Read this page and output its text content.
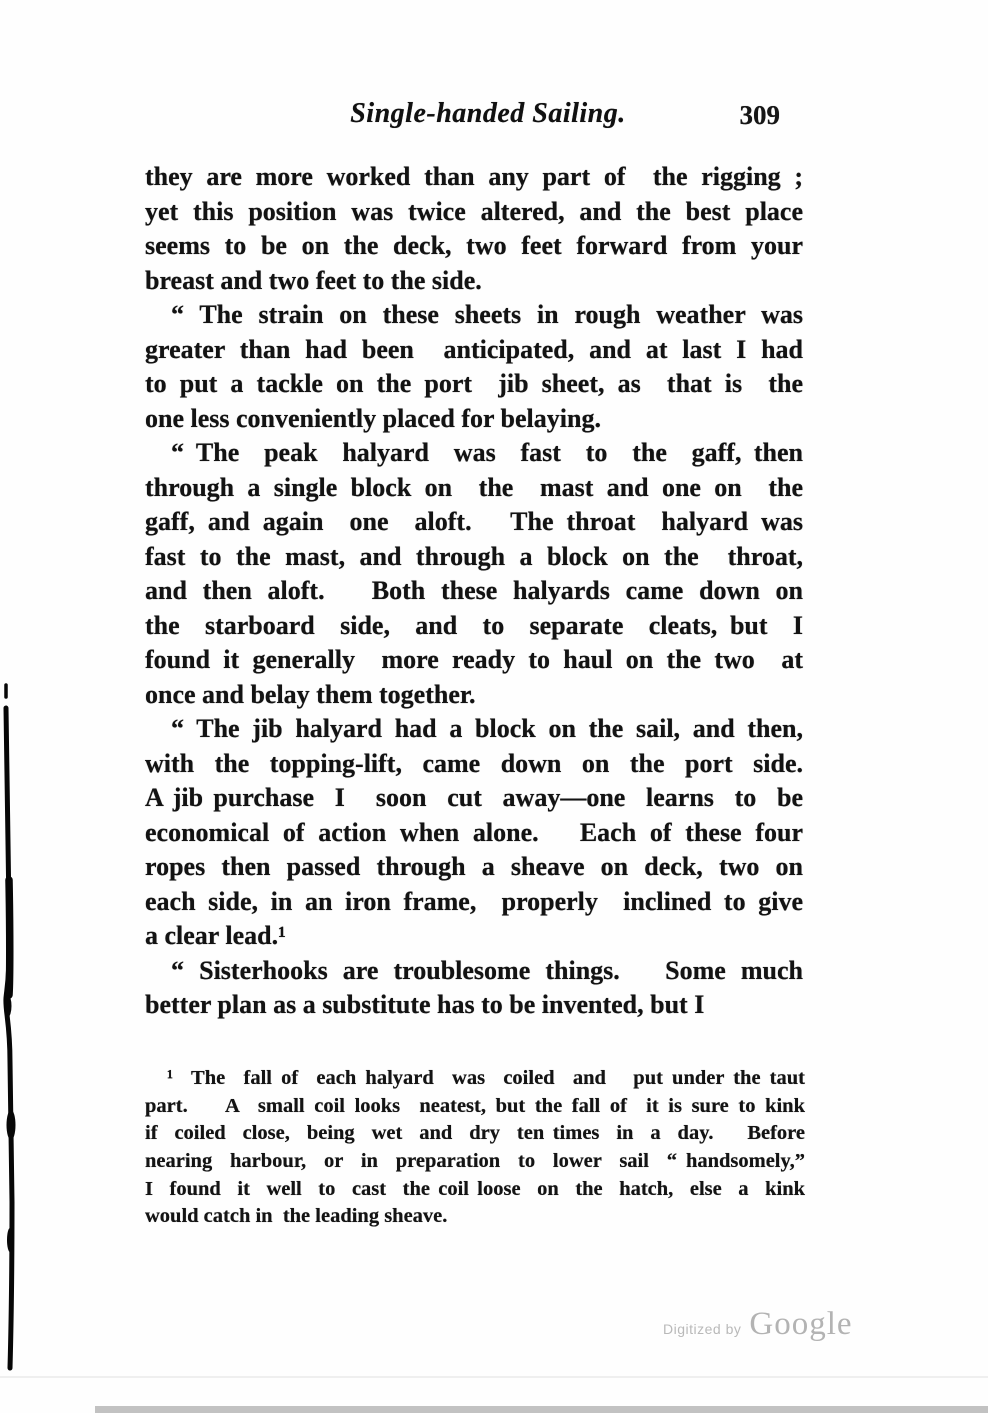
Single-handed Sailing.	309
they are more worked than any part of  the rigging ;
yet this position was twice altered, and the best place
seems to be on the deck, two feet forward from your
breast and two feet to the side.
“ The strain on these sheets in rough weather was
greater than had been  anticipated, and at last I had
to put a tackle on the port  jib sheet, as  that is  the
one less conveniently placed for belaying.
“ The  peak  halyard  was  fast  to  the  gaff, then
through a single block on  the  mast and one on  the
gaff, and again  one  aloft.   The throat  halyard was
fast to the mast, and through a block on the  throat,
and then aloft.   Both these halyards came down on
the  starboard  side,  and  to  separate  cleats, but  I
found it generally  more ready to haul on the two  at
once and belay them together.
“ The jib halyard had a block on the sail, and then,
with  the  topping-lift,  came  down  on  the  port  side.
A jib purchase  I   soon  cut  away—one  learns  to  be
economical of action when alone.   Each of these four
ropes then passed through a sheave on deck, two on
each side, in an iron frame,  properly  inclined to give
a clear lead.¹
“ Sisterhooks are troublesome things.   Some much
better plan as a substitute has to be invented, but I
¹  The  fall of  each halyard  was  coiled  and   put under the taut
part.    A  small coil looks  neatest, but the fall of  it is sure to kink
if  coiled  close,  being  wet  and  dry  ten times  in  a  day.    Before
nearing  harbour,  or  in  preparation  to  lower  sail  “ handsomely,”
I  found  it  well  to  cast  the coil loose  on  the  hatch,  else  a  kink
would catch in  the leading sheave.
Digitized by Google
